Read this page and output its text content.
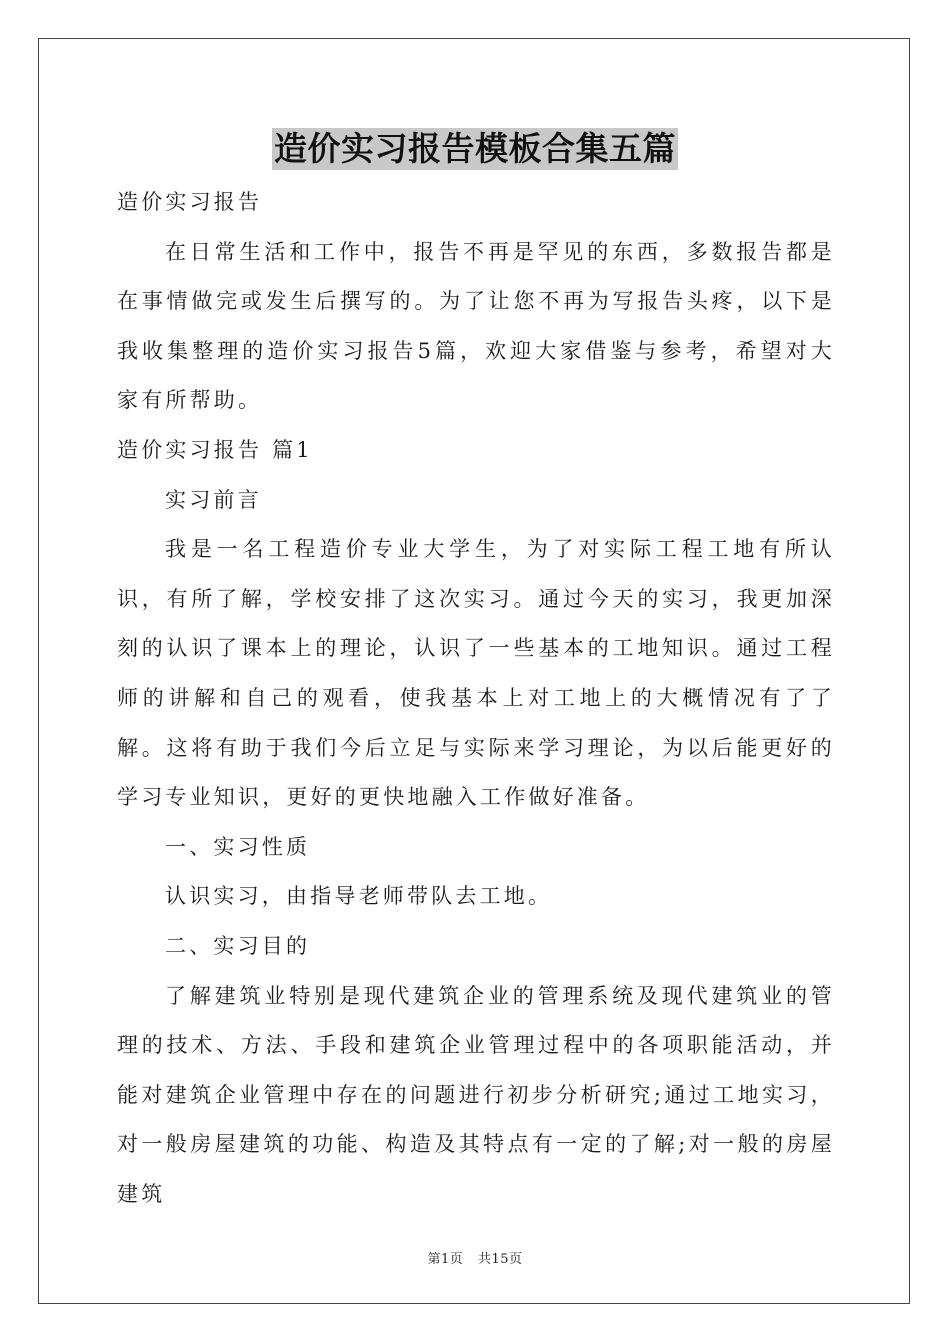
造价实习报告模板合集五篇

造价实习报告

在日常生活和工作中，报告不再是罕见的东西，多数报告都是在事情做完或发生后撰写的。为了让您不再为写报告头疼，以下是我收集整理的造价实习报告5篇，欢迎大家借鉴与参考，希望对大家有所帮助。

造价实习报告 篇1

实习前言

我是一名工程造价专业大学生，为了对实际工程工地有所认识，有所了解，学校安排了这次实习。通过今天的实习，我更加深刻的认识了课本上的理论，认识了一些基本的工地知识。通过工程师的讲解和自己的观看，使我基本上对工地上的大概情况有了了解。这将有助于我们今后立足与实际来学习理论，为以后能更好的学习专业知识，更好的更快地融入工作做好准备。

一、实习性质

认识实习，由指导老师带队去工地。

二、实习目的

了解建筑业特别是现代建筑企业的管理系统及现代建筑业的管理的技术、方法、手段和建筑企业管理过程中的各项职能活动，并能对建筑企业管理中存在的问题进行初步分析研究;通过工地实习，对一般房屋建筑的功能、构造及其特点有一定的了解;对一般的房屋建筑

第1页 共15页
